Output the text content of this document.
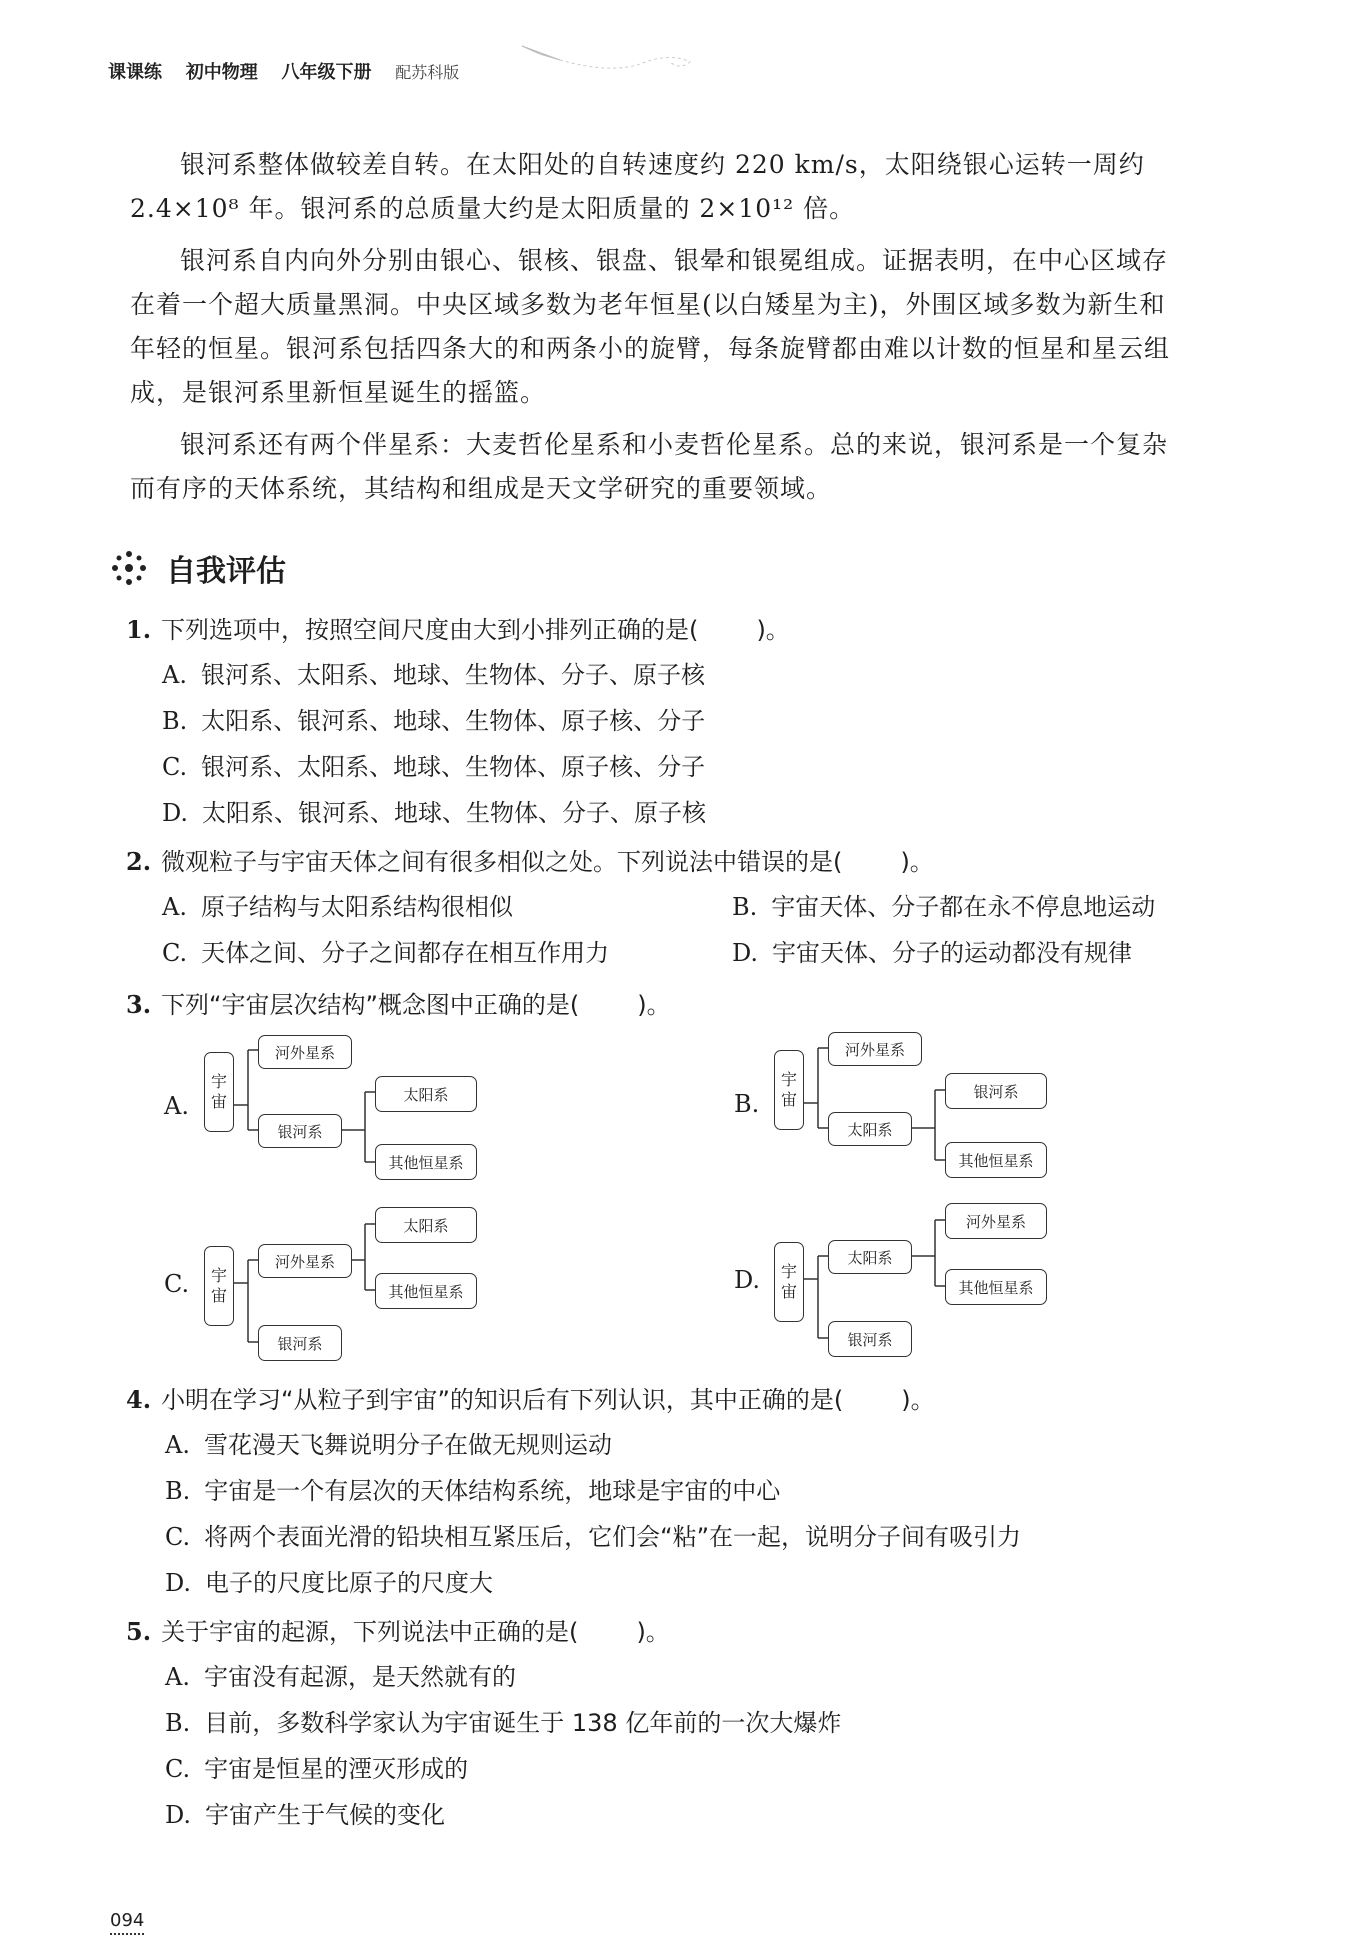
课课练 初中物理 八年级下册 配苏科版

银河系整体做较差自转。在太阳处的自转速度约 220 km/s，太阳绕银心运转一周约 2.4×10⁸ 年。银河系的总质量大约是太阳质量的 2×10¹² 倍。

银河系自内向外分别由银心、银核、银盘、银晕和银冕组成。证据表明，在中心区域存在着一个超大质量黑洞。中央区域多数为老年恒星(以白矮星为主)，外围区域多数为新生和年轻的恒星。银河系包括四条大的和两条小的旋臂，每条旋臂都由难以计数的恒星和星云组成，是银河系里新恒星诞生的摇篮。

银河系还有两个伴星系：大麦哲伦星系和小麦哲伦星系。总的来说，银河系是一个复杂而有序的天体系统，其结构和组成是天文学研究的重要领域。

自我评估
1. 下列选项中，按照空间尺度由大到小排列正确的是( )。
A. 银河系、太阳系、地球、生物体、分子、原子核
B. 太阳系、银河系、地球、生物体、原子核、分子
C. 银河系、太阳系、地球、生物体、原子核、分子
D. 太阳系、银河系、地球、生物体、分子、原子核
2. 微观粒子与宇宙天体之间有很多相似之处。下列说法中错误的是( )。
A. 原子结构与太阳系结构很相似	B. 宇宙天体、分子都在永不停息地运动
C. 天体之间、分子之间都存在相互作用力	D. 宇宙天体、分子的运动都没有规律
3. 下列“宇宙层次结构”概念图中正确的是( )。
A.
宇
宙
河外星系
银河系
太阳系
其他恒星系
B.
宇
宙
河外星系
太阳系
银河系
其他恒星系
C. 宇
宙
河外星系
太阳系
其他恒星系
银河系
D. 宇
宙
太阳系
河外星系
其他恒星系
银河系
4. 小明在学习“从粒子到宇宙”的知识后有下列认识，其中正确的是( )。
A. 雪花漫天飞舞说明分子在做无规则运动
B. 宇宙是一个有层次的天体结构系统，地球是宇宙的中心
C. 将两个表面光滑的铅块相互紧压后，它们会“粘”在一起，说明分子间有吸引力
D. 电子的尺度比原子的尺度大
5. 关于宇宙的起源，下列说法中正确的是( )。
A. 宇宙没有起源，是天然就有的
B. 目前，多数科学家认为宇宙诞生于 138 亿年前的一次大爆炸
C. 宇宙是恒星的湮灭形成的
D. 宇宙产生于气候的变化
094
